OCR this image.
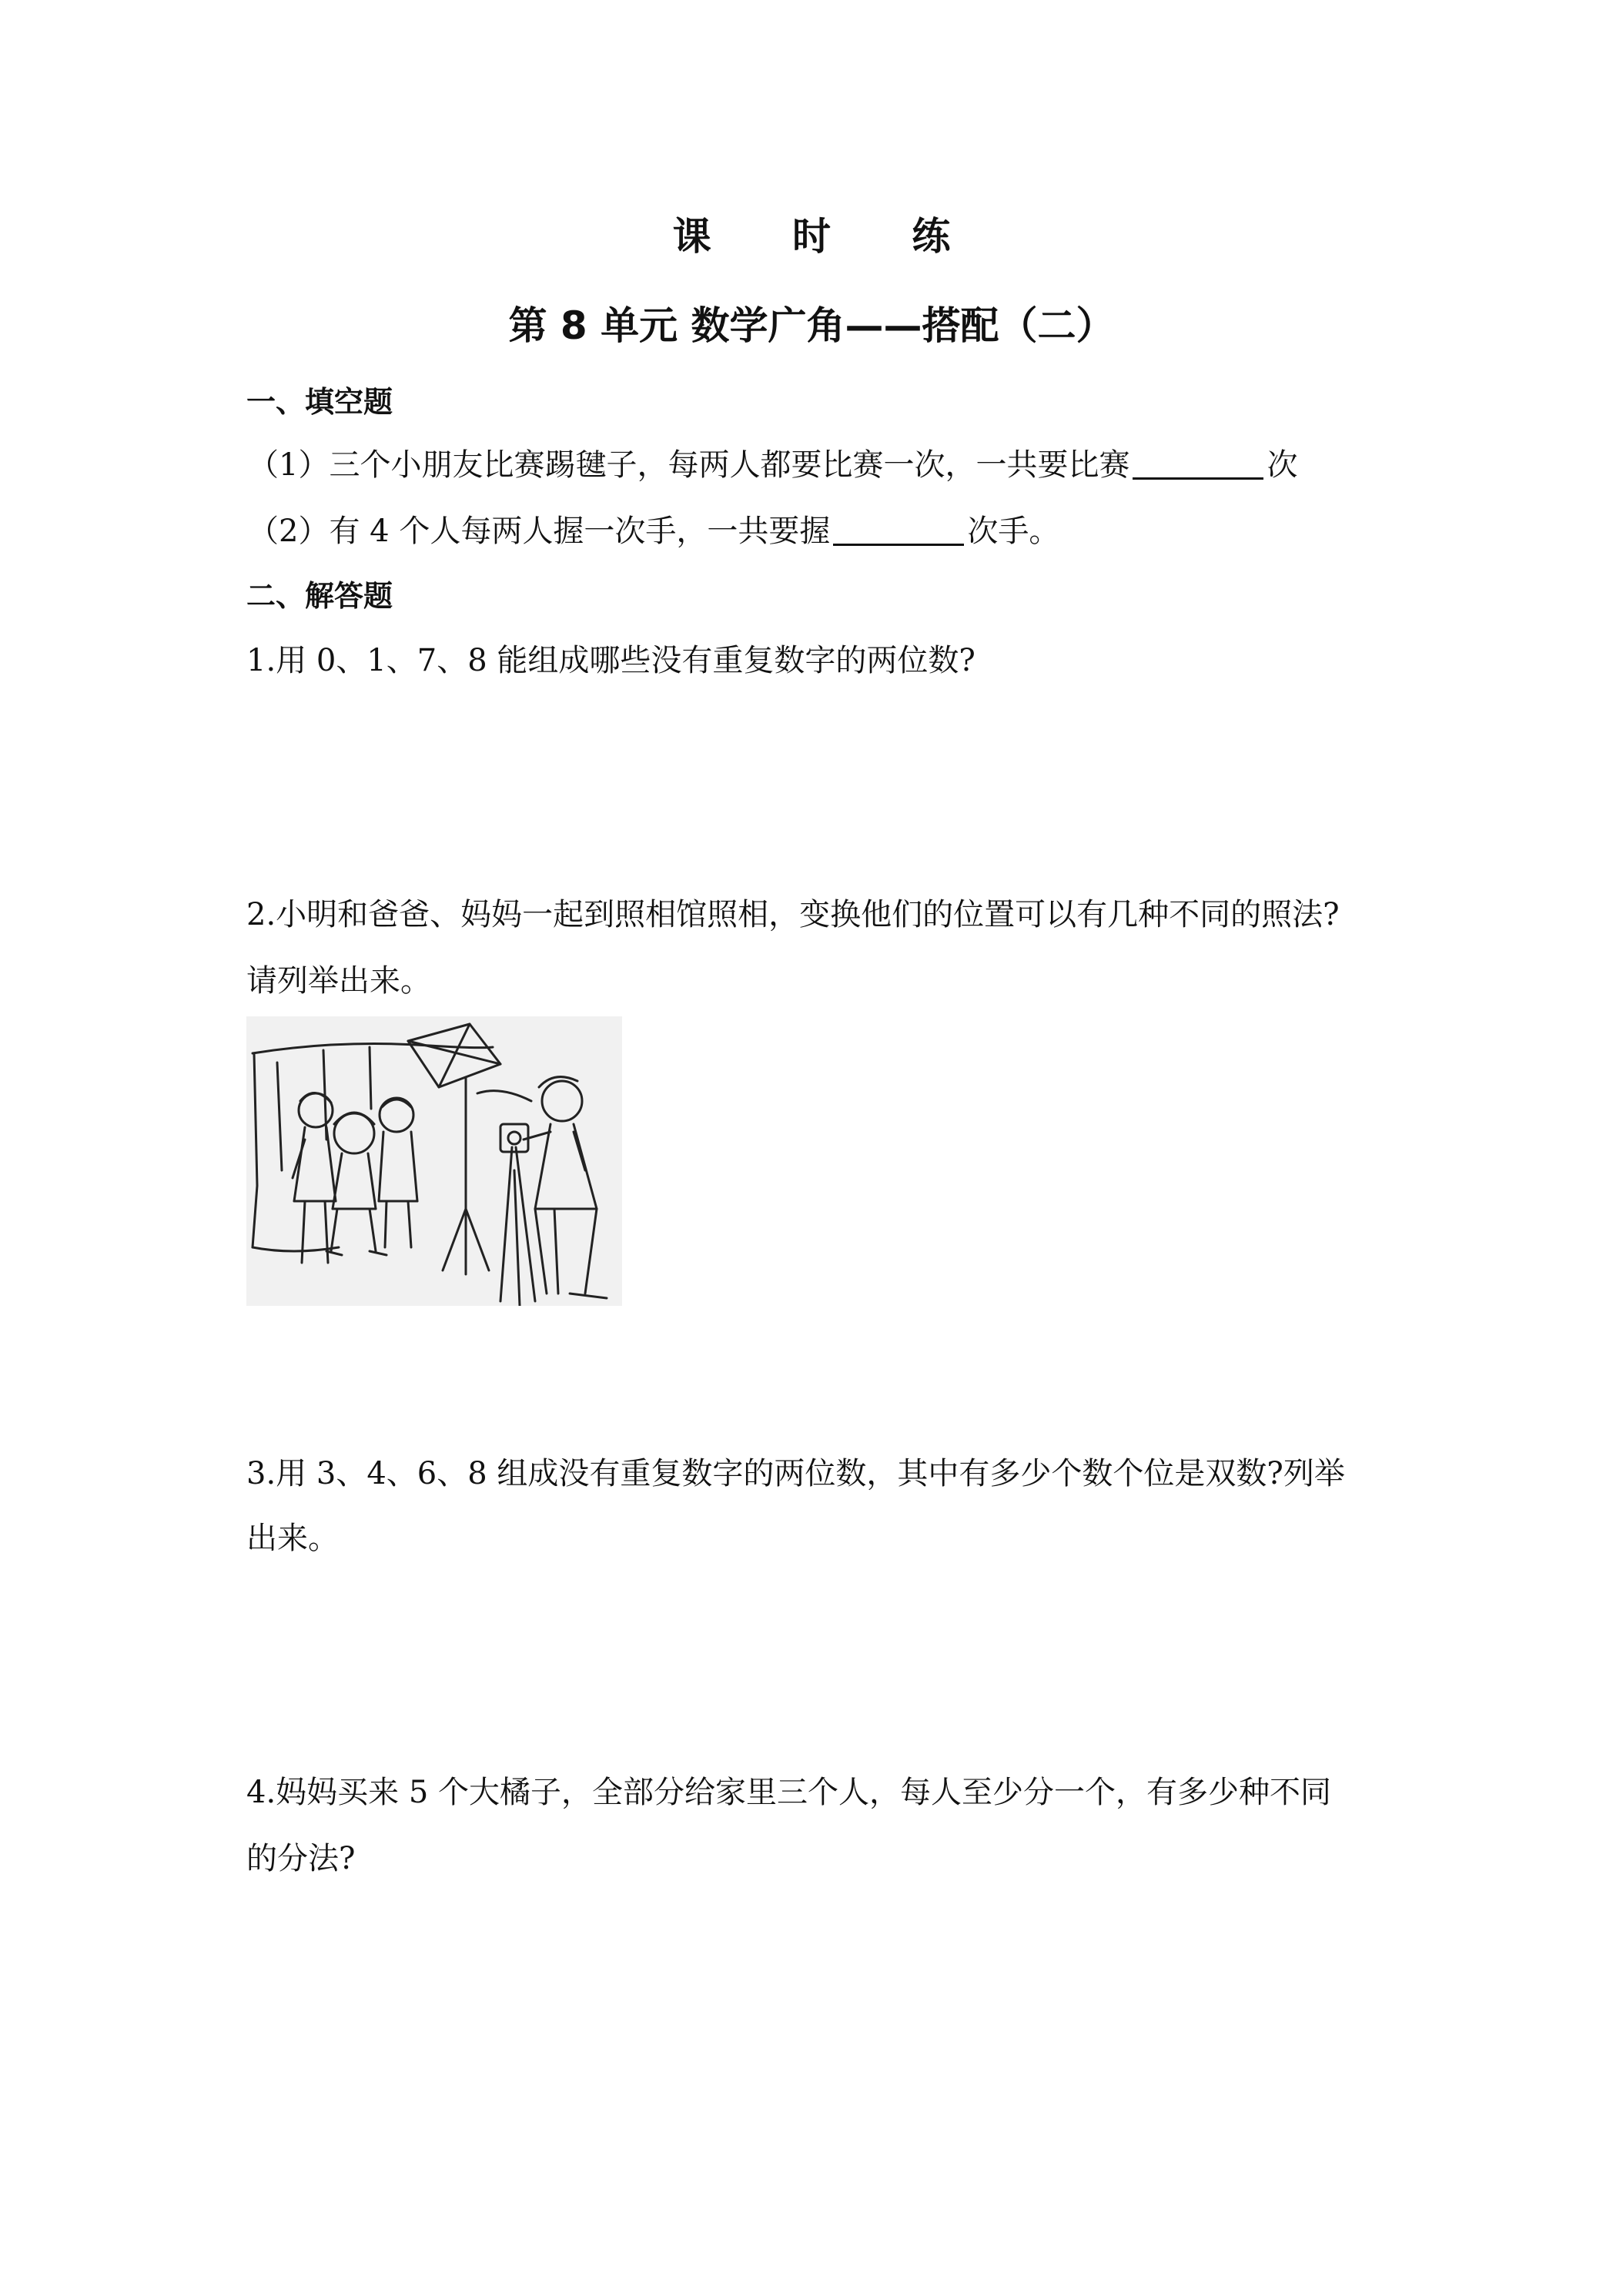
课 时 练
第 8 单元 数学广角——搭配（二）
一、填空题
（1）三个小朋友比赛踢毽子，每两人都要比赛一次，一共要比赛	次
（2）有 4 个人每两人握一次手，一共要握	次手。
二、解答题
1.用 0、1、7、8 能组成哪些没有重复数字的两位数?
2.小明和爸爸、妈妈一起到照相馆照相，变换他们的位置可以有几种不同的照法?
请列举出来。
3.用 3、4、6、8 组成没有重复数字的两位数，其中有多少个数个位是双数?列举
出来。
4.妈妈买来 5 个大橘子，全部分给家里三个人，每人至少分一个，有多少种不同
的分法?
